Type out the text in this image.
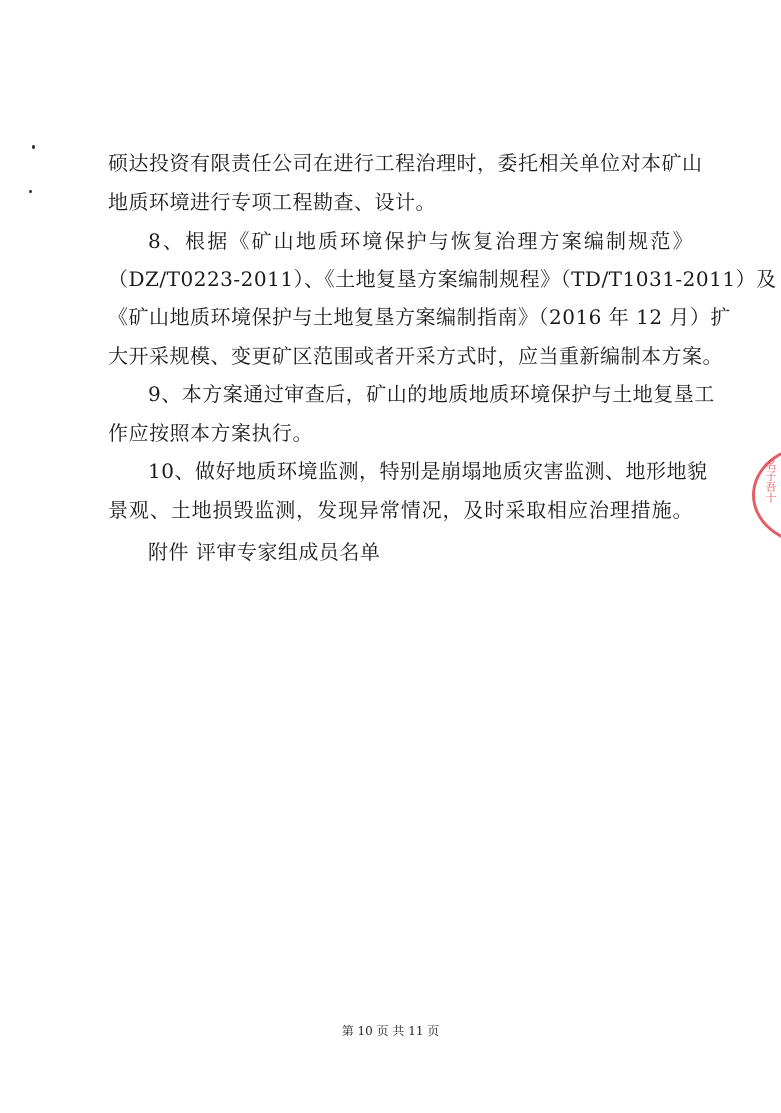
硕达投资有限责任公司在进行工程治理时，委托相关单位对本矿山
地质环境进行专项工程勘查、设计。
8、根据《矿山地质环境保护与恢复治理方案编制规范》
（DZ/T0223-2011）、《土地复垦方案编制规程》（TD/T1031-2011）及
《矿山地质环境保护与土地复垦方案编制指南》（2016 年 12 月）扩
大开采规模、变更矿区范围或者开采方式时，应当重新编制本方案。
9、本方案通过审查后，矿山的地质地质环境保护与土地复垦工
作应按照本方案执行。
10、做好地质环境监测，特别是崩塌地质灾害监测、地形地貌
景观、土地损毁监测，发现异常情况，及时采取相应治理措施。
附件 评审专家组成员名单
名子吾十
第 10 页 共 11 页
